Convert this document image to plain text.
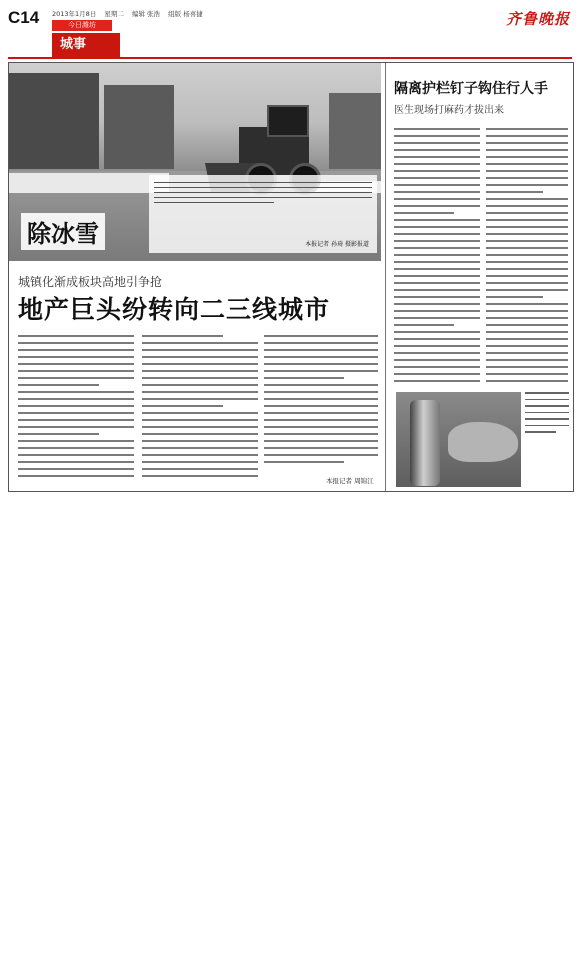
C14 2013年1月8日 星期二 编辑 张浩 组版 杨喜捷
今日潍坊
城事
齐鲁晚报
本报记者 孙琦 摄影报道
除冰雪
城镇化渐成板块高地引争抢
地产巨头纷转向二三线城市
本报记者 周锦江
隔离护栏钉子钩住行人手
医生现场打麻药才拔出来
